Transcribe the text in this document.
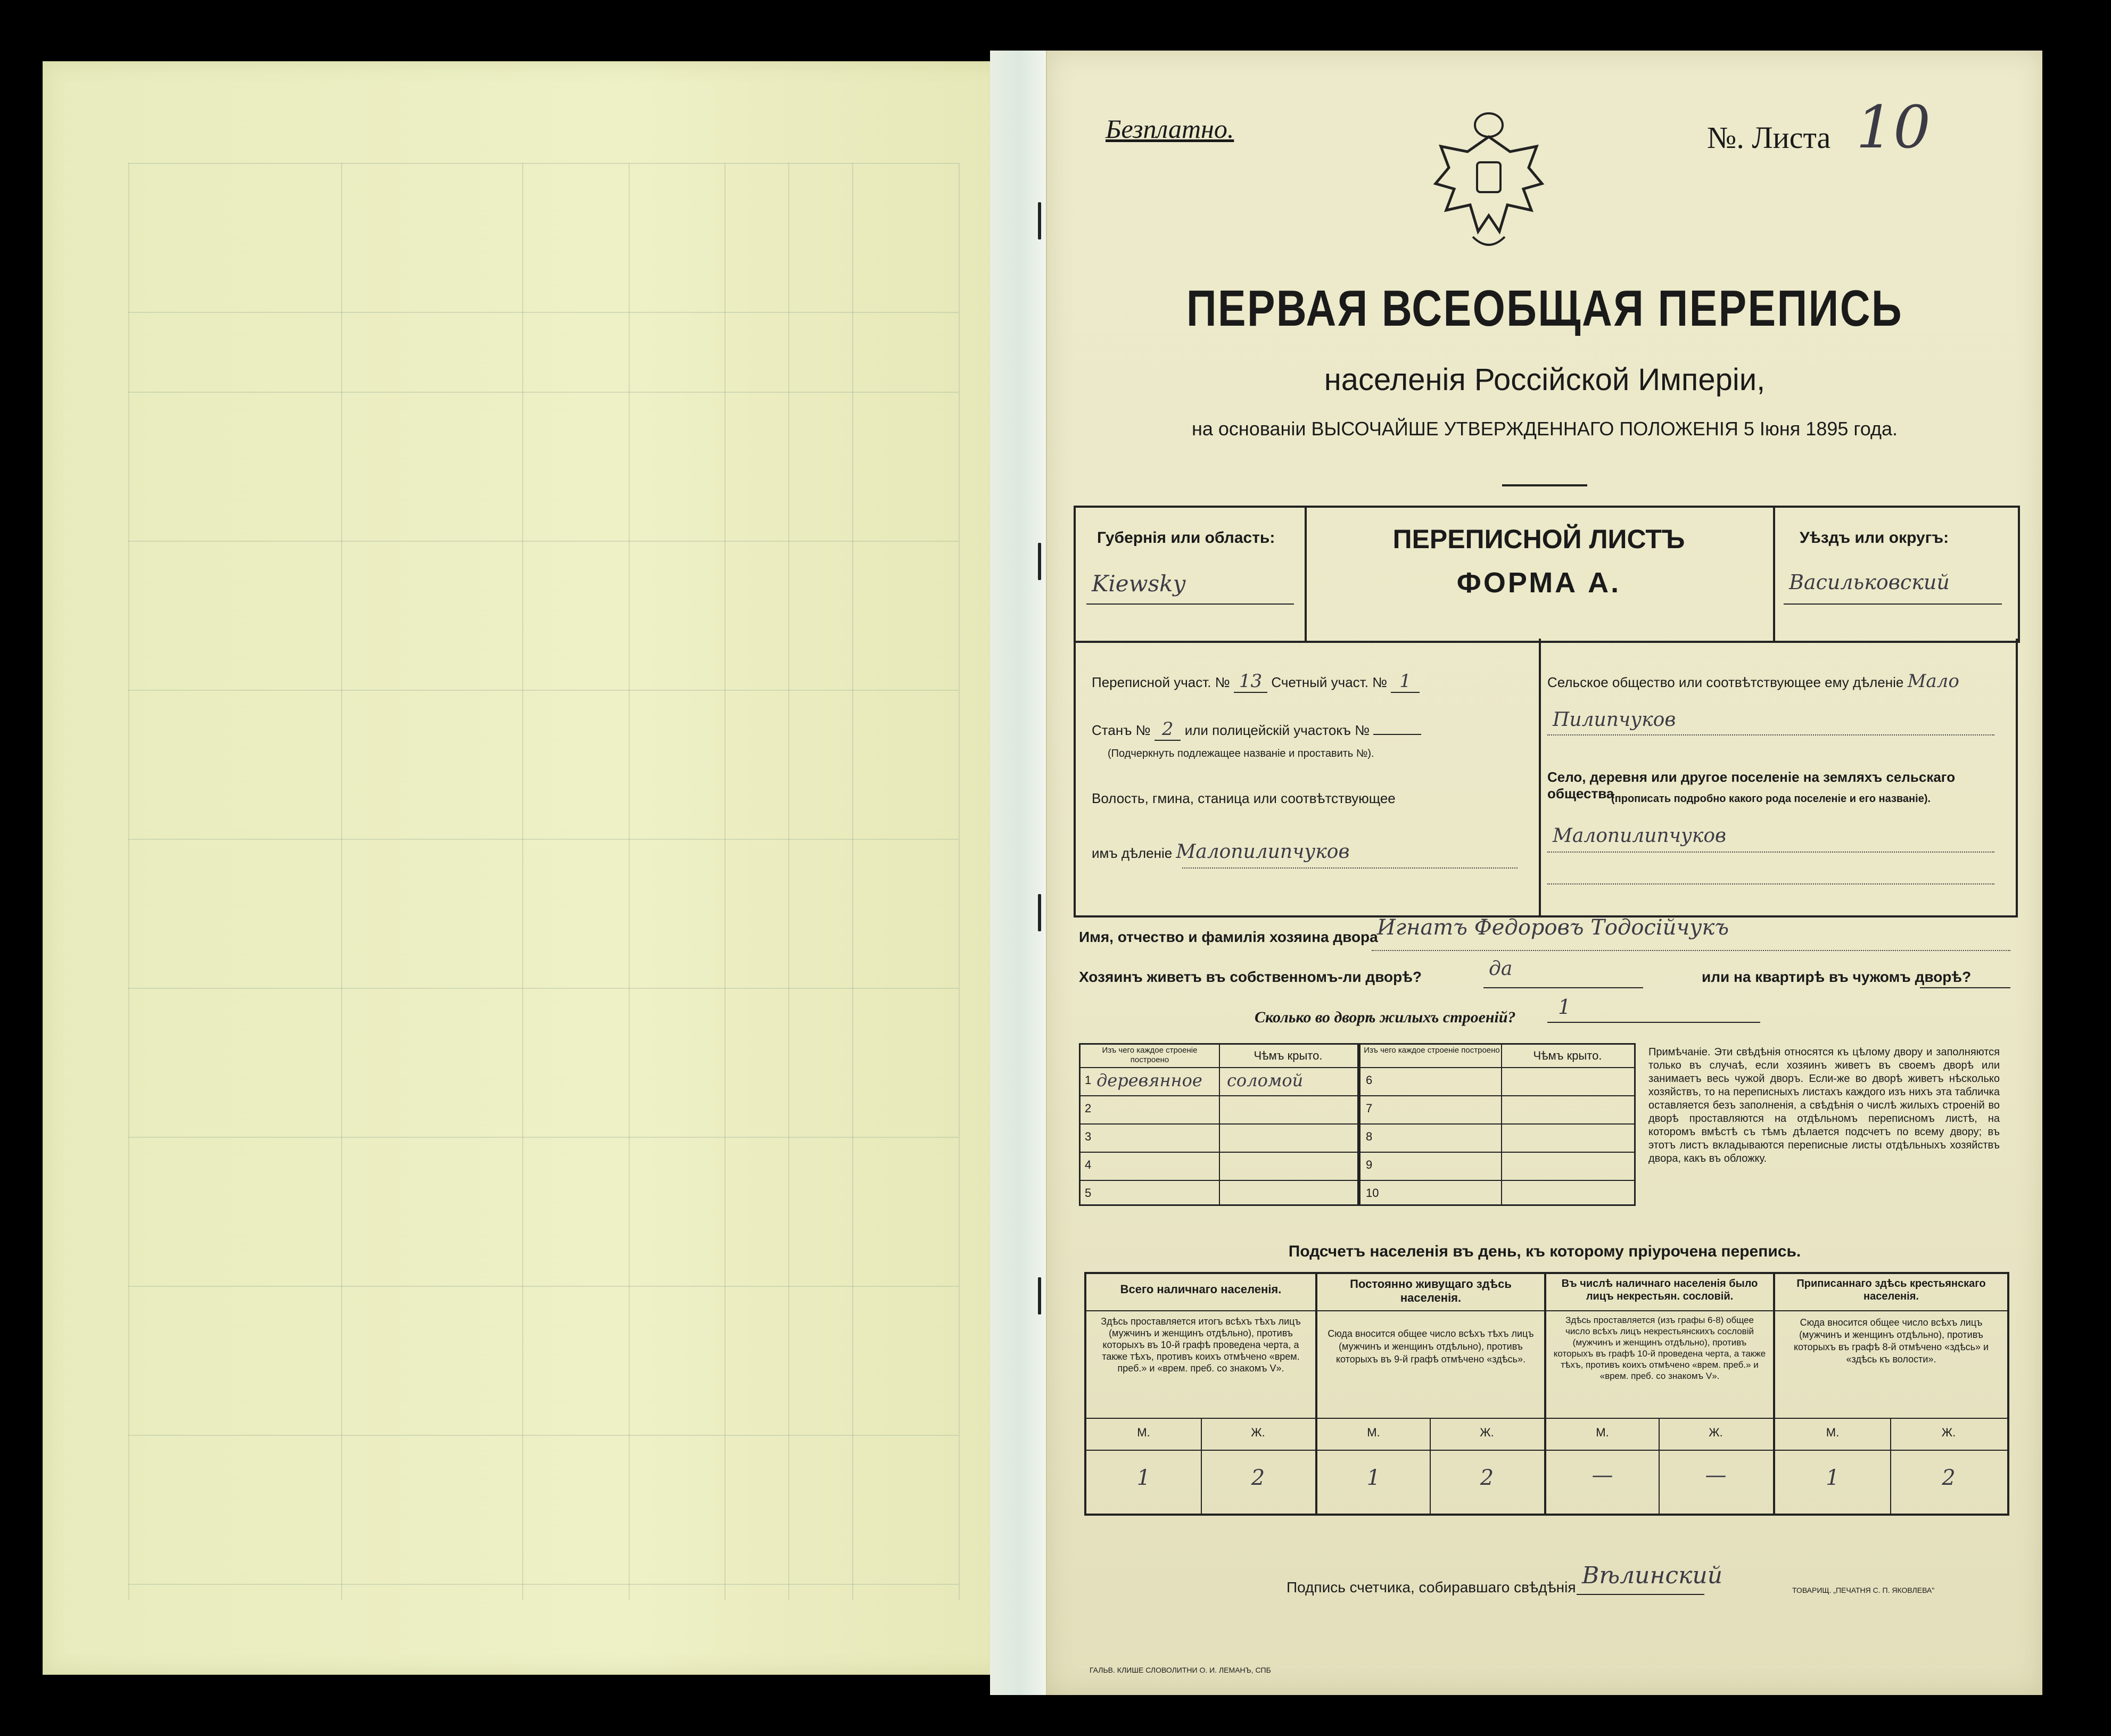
Безплатно.	№. Листа 10
ПЕРВАЯ ВСЕОБЩАЯ ПЕРЕПИСЬ
населенія Россійской Имперіи,
на основаніи ВЫСОЧАЙШЕ УТВЕРЖДЕННАГО ПОЛОЖЕНІЯ 5 Іюня 1895 года.
Губернія или область:
Kiewsky
ПЕРЕПИСНОЙ ЛИСТЪ
ФОРМА А.
Уѣздъ или округъ:
Васильковский
Переписной участ. № 13 Счетный участ. № 1
Станъ № 2 или полицейскій участокъ №
(Подчеркнуть подлежащее названіе и проставить №).
Волость, гмина, станица или соотвѣтствующее
имъ дѣленіе Малопилипчуков
Сельское общество или соотвѣтствующее ему дѣленіе Мало
Пилипчуков
Село, деревня или другое поселеніе на земляхъ сельскаго общества
(прописать подробно какого рода поселеніе и его названіе).
Малопилипчуков
Имя, отчество и фамилія хозяина двора
Игнатъ Федоровъ Тодосійчукъ
Хозяинъ живетъ въ собственномъ-ли дворѣ?	да	или на квартирѣ въ чужомъ дворѣ?
Сколько во дворѣ жилыхъ строеній? 1
Изъ чего каждое строеніе построено	Чѣмъ крыто.	Изъ чего каждое строеніе построено	Чѣмъ крыто.
1 деревянное соломой
2
3
4
5
6
7
8
9
10
Примѣчаніе. Эти свѣдѣнія относятся къ цѣлому двору и заполняются только въ случаѣ, если хозяинъ живетъ въ своемъ дворѣ или занимаетъ весь чужой дворъ. Если-же во дворѣ живетъ нѣсколько хозяйствъ, то на переписныхъ листахъ каждого изъ нихъ эта табличка оставляется безъ заполненія, а свѣдѣнія о числѣ жилыхъ строеній во дворѣ проставляются на отдѣльномъ переписномъ листѣ, на которомъ вмѣстѣ съ тѣмъ дѣлается подсчетъ по всему двору; въ этотъ листъ вкладываются переписные листы отдѣльныхъ хозяйствъ двора, какъ въ обложку.
Подсчетъ населенія въ день, къ которому пріурочена перепись.
Всего наличнаго населенія.
Здѣсь проставляется итогъ всѣхъ тѣхъ лицъ (мужчинъ и женщинъ отдѣльно), противъ которыхъ въ 10-й графѣ проведена черта, а также тѣхъ, противъ коихъ отмѣчено «врем. преб.» и «врем. преб. со знакомъ V».
М.	Ж.
1	2
Постоянно живущаго здѣсь населенія.
Сюда вносится общее число всѣхъ тѣхъ лицъ (мужчинъ и женщинъ отдѣльно), противъ которыхъ въ 9-й графѣ отмѣчено «здѣсь».
М.	Ж.
1	2
Въ числѣ наличнаго населенія было лицъ некрестьян. сословій.
Здѣсь проставляется (изъ графы 6-8) общее число всѣхъ лицъ некрестьянскихъ сословій (мужчинъ и женщинъ отдѣльно), противъ которыхъ въ графѣ 10-й проведена черта, а также тѣхъ, противъ коихъ отмѣчено «врем. преб.» и «врем. преб. со знакомъ V».
М.	Ж.
—	—
Приписаннаго здѣсь крестьянскаго населенія.
Сюда вносится общее число всѣхъ лицъ (мужчинъ и женщинъ отдѣльно), противъ которыхъ въ графѣ 8-й отмѣчено «здѣсь» и «здѣсь къ волости».
М.	Ж.
1	2
Подпись счетчика, собиравшаго свѣдѣнія Вѣлинский
ГАЛЬВ. КЛИШЕ СЛОВОЛИТНИ О. И. ЛЕМАНЪ, СПБ
ТОВАРИЩ. „ПЕЧАТНЯ С. П. ЯКОВЛЕВА"
